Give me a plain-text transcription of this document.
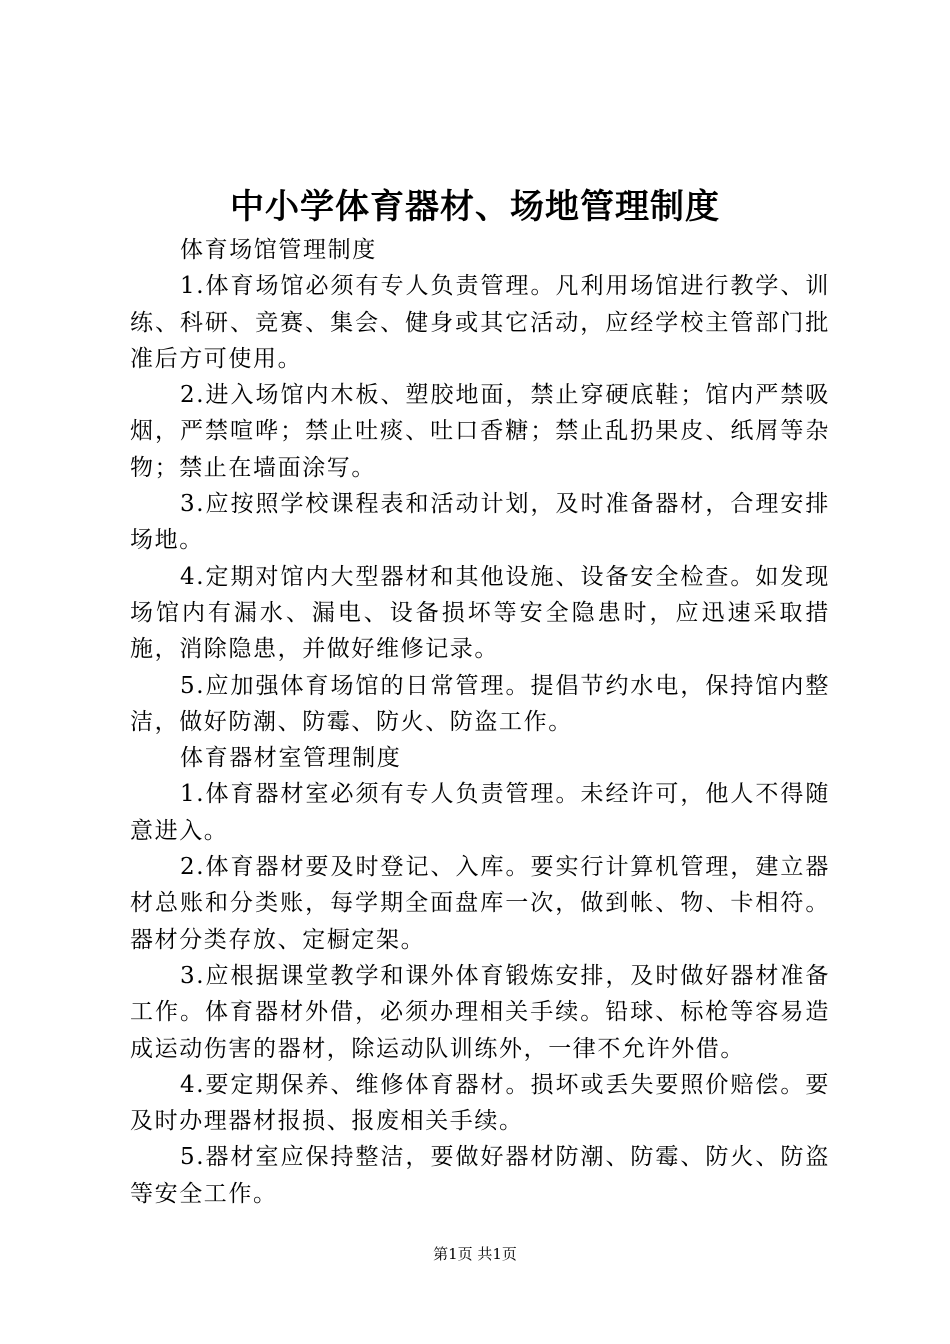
中小学体育器材、场地管理制度

体育场馆管理制度

1.体育场馆必须有专人负责管理。凡利用场馆进行教学、训练、科研、竞赛、集会、健身或其它活动，应经学校主管部门批准后方可使用。

2.进入场馆内木板、塑胶地面，禁止穿硬底鞋；馆内严禁吸烟，严禁喧哗；禁止吐痰、吐口香糖；禁止乱扔果皮、纸屑等杂物；禁止在墙面涂写。

3.应按照学校课程表和活动计划，及时准备器材，合理安排场地。

4.定期对馆内大型器材和其他设施、设备安全检查。如发现场馆内有漏水、漏电、设备损坏等安全隐患时，应迅速采取措施，消除隐患，并做好维修记录。

5.应加强体育场馆的日常管理。提倡节约水电，保持馆内整洁，做好防潮、防霉、防火、防盗工作。

体育器材室管理制度

1.体育器材室必须有专人负责管理。未经许可，他人不得随意进入。

2.体育器材要及时登记、入库。要实行计算机管理，建立器材总账和分类账，每学期全面盘库一次，做到帐、物、卡相符。器材分类存放、定橱定架。

3.应根据课堂教学和课外体育锻炼安排，及时做好器材准备工作。体育器材外借，必须办理相关手续。铅球、标枪等容易造成运动伤害的器材，除运动队训练外，一律不允许外借。

4.要定期保养、维修体育器材。损坏或丢失要照价赔偿。要及时办理器材报损、报废相关手续。

5.器材室应保持整洁，要做好器材防潮、防霉、防火、防盗等安全工作。

第1页 共1页
